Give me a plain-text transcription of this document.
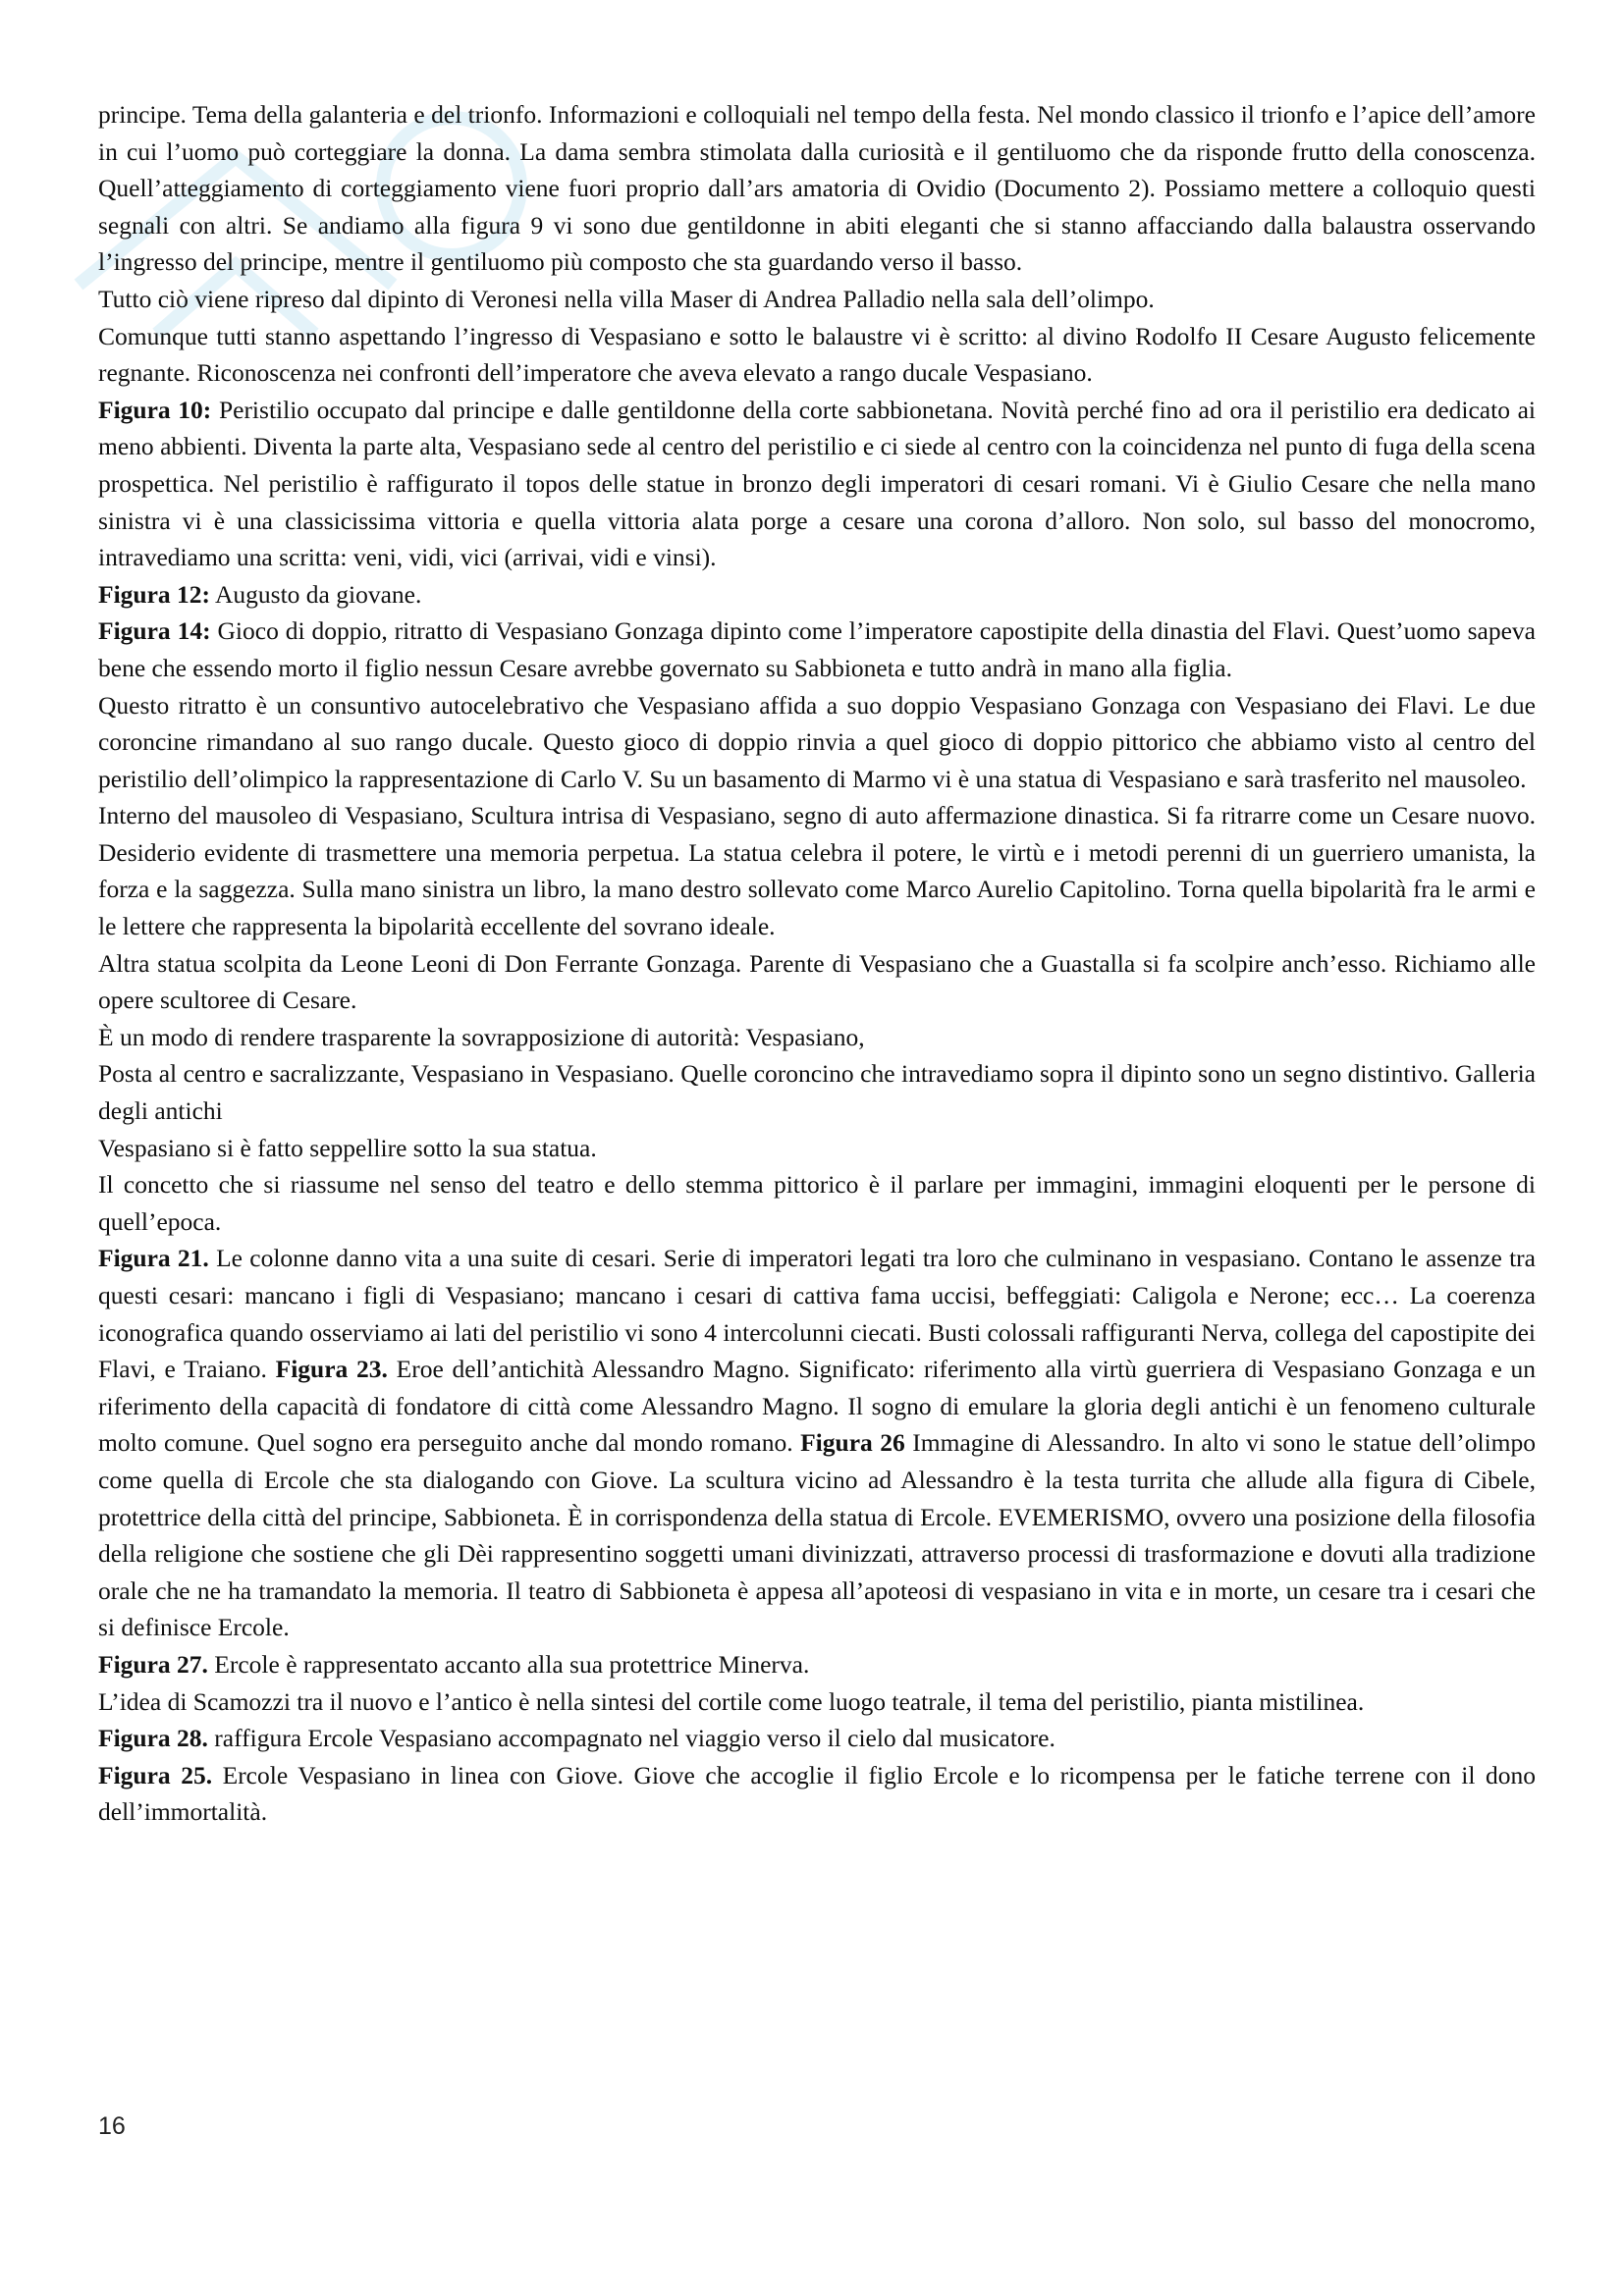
principe. Tema della galanteria e del trionfo. Informazioni e colloquiali nel tempo della festa. Nel mondo classico il trionfo e l’apice dell’amore in cui l’uomo può corteggiare la donna. La dama sembra stimolata dalla curiosità e il gentiluomo che da risponde frutto della conoscenza. Quell’atteggiamento di corteggiamento viene fuori proprio dall’ars amatoria di Ovidio (Documento 2). Possiamo mettere a colloquio questi segnali con altri. Se andiamo alla figura 9 vi sono due gentildonne in abiti eleganti che si stanno affacciando dalla balaustra osservando l’ingresso del principe, mentre il gentiluomo più composto che sta guardando verso il basso.

Tutto ciò viene ripreso dal dipinto di Veronesi nella villa Maser di Andrea Palladio nella sala dell’olimpo.

Comunque tutti stanno aspettando l’ingresso di Vespasiano e sotto le balaustre vi è scritto: al divino Rodolfo II Cesare Augusto felicemente regnante. Riconoscenza nei confronti dell’imperatore che aveva elevato a rango ducale Vespasiano.

Figura 10: Peristilio occupato dal principe e dalle gentildonne della corte sabbionetana. Novità perché fino ad ora il peristilio era dedicato ai meno abbienti. Diventa la parte alta, Vespasiano sede al centro del peristilio e ci siede al centro con la coincidenza nel punto di fuga della scena prospettica. Nel peristilio è raffigurato il topos delle statue in bronzo degli imperatori di cesari romani. Vi è Giulio Cesare che nella mano sinistra vi è una classicissima vittoria e quella vittoria alata porge a cesare una corona d’alloro. Non solo, sul basso del monocromo, intravediamo una scritta: veni, vidi, vici (arrivai, vidi e vinsi).

Figura 12: Augusto da giovane.

Figura 14: Gioco di doppio, ritratto di Vespasiano Gonzaga dipinto come l’imperatore capostipite della dinastia del Flavi. Quest’uomo sapeva bene che essendo morto il figlio nessun Cesare avrebbe governato su Sabbioneta e tutto andrà in mano alla figlia.

Questo ritratto è un consuntivo autocelebrativo che Vespasiano affida a suo doppio Vespasiano Gonzaga con Vespasiano dei Flavi. Le due coroncine rimandano al suo rango ducale. Questo gioco di doppio rinvia a quel gioco di doppio pittorico che abbiamo visto al centro del peristilio dell’olimpico la rappresentazione di Carlo V. Su un basamento di Marmo vi è una statua di Vespasiano e sarà trasferito nel mausoleo.

Interno del mausoleo di Vespasiano, Scultura intrisa di Vespasiano, segno di auto affermazione dinastica. Si fa ritrarre come un Cesare nuovo. Desiderio evidente di trasmettere una memoria perpetua. La statua celebra il potere, le virtù e i metodi perenni di un guerriero umanista, la forza e la saggezza. Sulla mano sinistra un libro, la mano destro sollevato come Marco Aurelio Capitolino. Torna quella bipolarità fra le armi e le lettere che rappresenta la bipolarità eccellente del sovrano ideale.

Altra statua scolpita da Leone Leoni di Don Ferrante Gonzaga. Parente di Vespasiano che a Guastalla si fa scolpire anch’esso. Richiamo alle opere scultoree di Cesare.

È un modo di rendere trasparente la sovrapposizione di autorità: Vespasiano,

Posta al centro e sacralizzante, Vespasiano in Vespasiano. Quelle coroncino che intravediamo sopra il dipinto sono un segno distintivo. Galleria degli antichi

Vespasiano si è fatto seppellire sotto la sua statua.

Il concetto che si riassume nel senso del teatro e dello stemma pittorico è il parlare per immagini, immagini eloquenti per le persone di quell’epoca.

Figura 21. Le colonne danno vita a una suite di cesari. Serie di imperatori legati tra loro che culminano in vespasiano. Contano le assenze tra questi cesari: mancano i figli di Vespasiano; mancano i cesari di cattiva fama uccisi, beffeggiati: Caligola e Nerone; ecc… La coerenza iconografica quando osserviamo ai lati del peristilio vi sono 4 intercolunni ciecati. Busti colossali raffiguranti Nerva, collega del capostipite dei Flavi, e Traiano. Figura 23. Eroe dell’antichità Alessandro Magno. Significato: riferimento alla virtù guerriera di Vespasiano Gonzaga e un riferimento della capacità di fondatore di città come Alessandro Magno. Il sogno di emulare la gloria degli antichi è un fenomeno culturale molto comune. Quel sogno era perseguito anche dal mondo romano. Figura 26 Immagine di Alessandro. In alto vi sono le statue dell’olimpo come quella di Ercole che sta dialogando con Giove. La scultura vicino ad Alessandro è la testa turrita che allude alla figura di Cibele, protettrice della città del principe, Sabbioneta. È in corrispondenza della statua di Ercole. EVEMERISMO, ovvero una posizione della filosofia della religione che sostiene che gli Dèi rappresentino soggetti umani divinizzati, attraverso processi di trasformazione e dovuti alla tradizione orale che ne ha tramandato la memoria. Il teatro di Sabbioneta è appesa all’apoteosi di vespasiano in vita e in morte, un cesare tra i cesari che si definisce Ercole.

Figura 27. Ercole è rappresentato accanto alla sua protettrice Minerva.

L’idea di Scamozzi tra il nuovo e l’antico è nella sintesi del cortile come luogo teatrale, il tema del peristilio, pianta mistilinea.

Figura 28. raffigura Ercole Vespasiano accompagnato nel viaggio verso il cielo dal musicatore.

Figura 25. Ercole Vespasiano in linea con Giove. Giove che accoglie il figlio Ercole e lo ricompensa per le fatiche terrene con il dono dell’immortalità.

16
